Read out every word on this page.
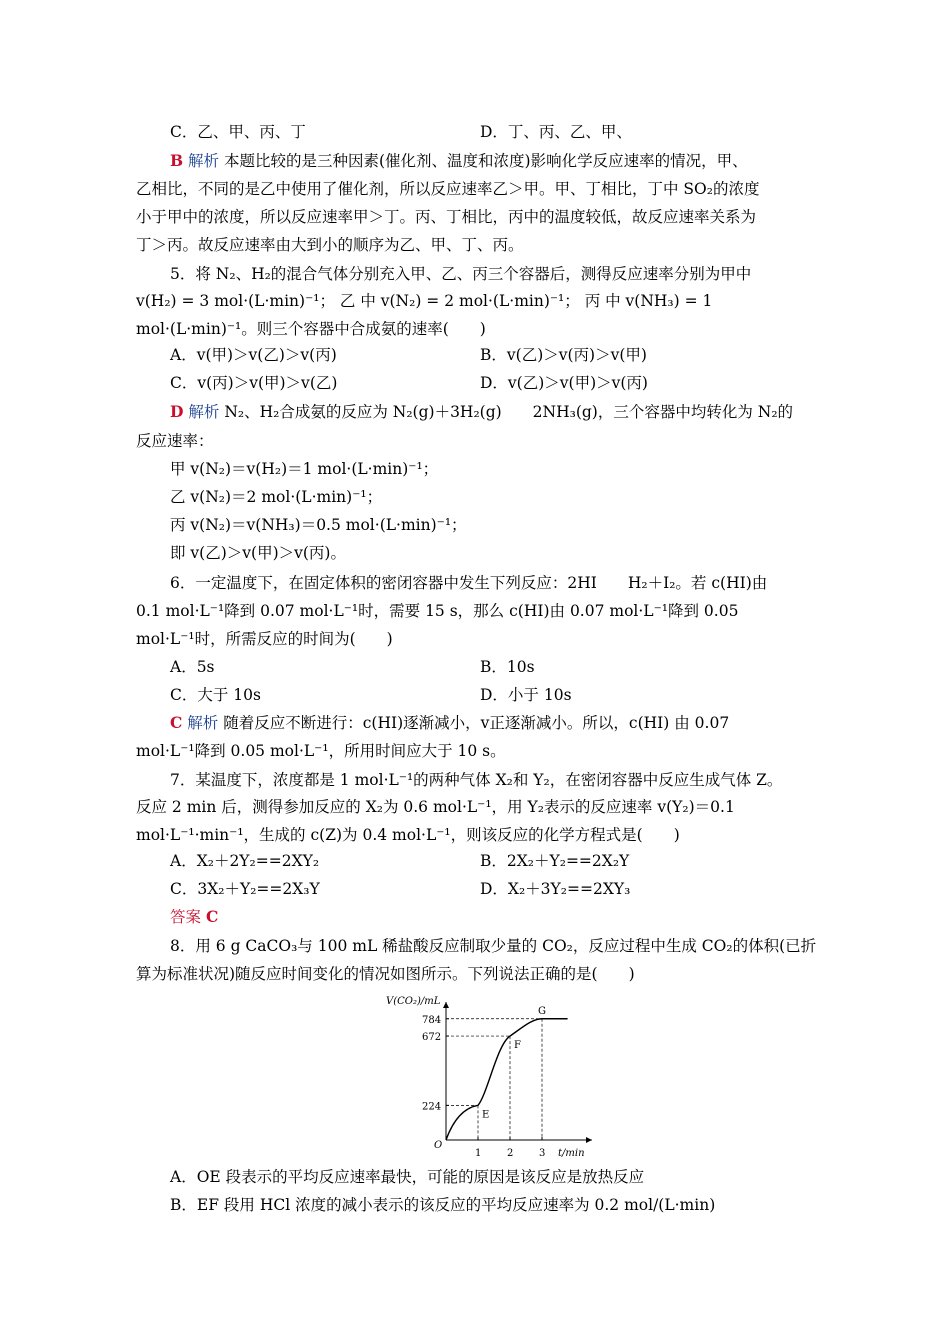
C．乙、甲、丙、丁	D．丁、丙、乙、甲、
B 解析 本题比较的是三种因素(催化剂、温度和浓度)影响化学反应速率的情况，甲、
乙相比，不同的是乙中使用了催化剂，所以反应速率乙＞甲。甲、丁相比，丁中 SO₂的浓度
小于甲中的浓度，所以反应速率甲＞丁。丙、丁相比，丙中的温度较低，故反应速率关系为
丁＞丙。故反应速率由大到小的顺序为乙、甲、丁、丙。
5．将 N₂、H₂的混合气体分别充入甲、乙、丙三个容器后，测得反应速率分别为甲中
v(H₂) = 3 mol·(L·min)⁻¹； 乙 中 v(N₂) = 2 mol·(L·min)⁻¹； 丙 中 v(NH₃) = 1
mol·(L·min)⁻¹。则三个容器中合成氨的速率(　　)
A．v(甲)＞v(乙)＞v(丙)	B．v(乙)＞v(丙)＞v(甲)
C．v(丙)＞v(甲)＞v(乙)	D．v(乙)＞v(甲)＞v(丙)
D 解析 N₂、H₂合成氨的反应为 N₂(g)＋3H₂(g)　　2NH₃(g)，三个容器中均转化为 N₂的
反应速率：
甲 v(N₂)＝v(H₂)＝1 mol·(L·min)⁻¹；
乙 v(N₂)＝2 mol·(L·min)⁻¹；
丙 v(N₂)＝v(NH₃)＝0.5 mol·(L·min)⁻¹；
即 v(乙)＞v(甲)＞v(丙)。
6．一定温度下，在固定体积的密闭容器中发生下列反应：2HI　　H₂＋I₂。若 c(HI)由
0.1 mol·L⁻¹降到 0.07 mol·L⁻¹时，需要 15 s，那么 c(HI)由 0.07 mol·L⁻¹降到 0.05
mol·L⁻¹时，所需反应的时间为(　　)
A．5s	B．10s
C．大于 10s	D．小于 10s
C 解析 随着反应不断进行：c(HI)逐渐减小，v正逐渐减小。所以，c(HI) 由 0.07
mol·L⁻¹降到 0.05 mol·L⁻¹，所用时间应大于 10 s。
7．某温度下，浓度都是 1 mol·L⁻¹的两种气体 X₂和 Y₂，在密闭容器中反应生成气体 Z。
反应 2 min 后，测得参加反应的 X₂为 0.6 mol·L⁻¹，用 Y₂表示的反应速率 v(Y₂)＝0.1
mol·L⁻¹·min⁻¹，生成的 c(Z)为 0.4 mol·L⁻¹，则该反应的化学方程式是(　　)
A．X₂＋2Y₂==2XY₂	B．2X₂＋Y₂==2X₂Y
C．3X₂＋Y₂==2X₃Y	D．X₂＋3Y₂==2XY₃
答案 C
8．用 6 g CaCO₃与 100 mL 稀盐酸反应制取少量的 CO₂，反应过程中生成 CO₂的体积(已折
算为标准状况)随反应时间变化的情况如图所示。下列说法正确的是(　　)
V(CO₂)/mL
t/min
O
1	2	3
224
672
784
E
F
G
A．OE 段表示的平均反应速率最快，可能的原因是该反应是放热反应
B．EF 段用 HCl 浓度的减小表示的该反应的平均反应速率为 0.2 mol/(L·min)
